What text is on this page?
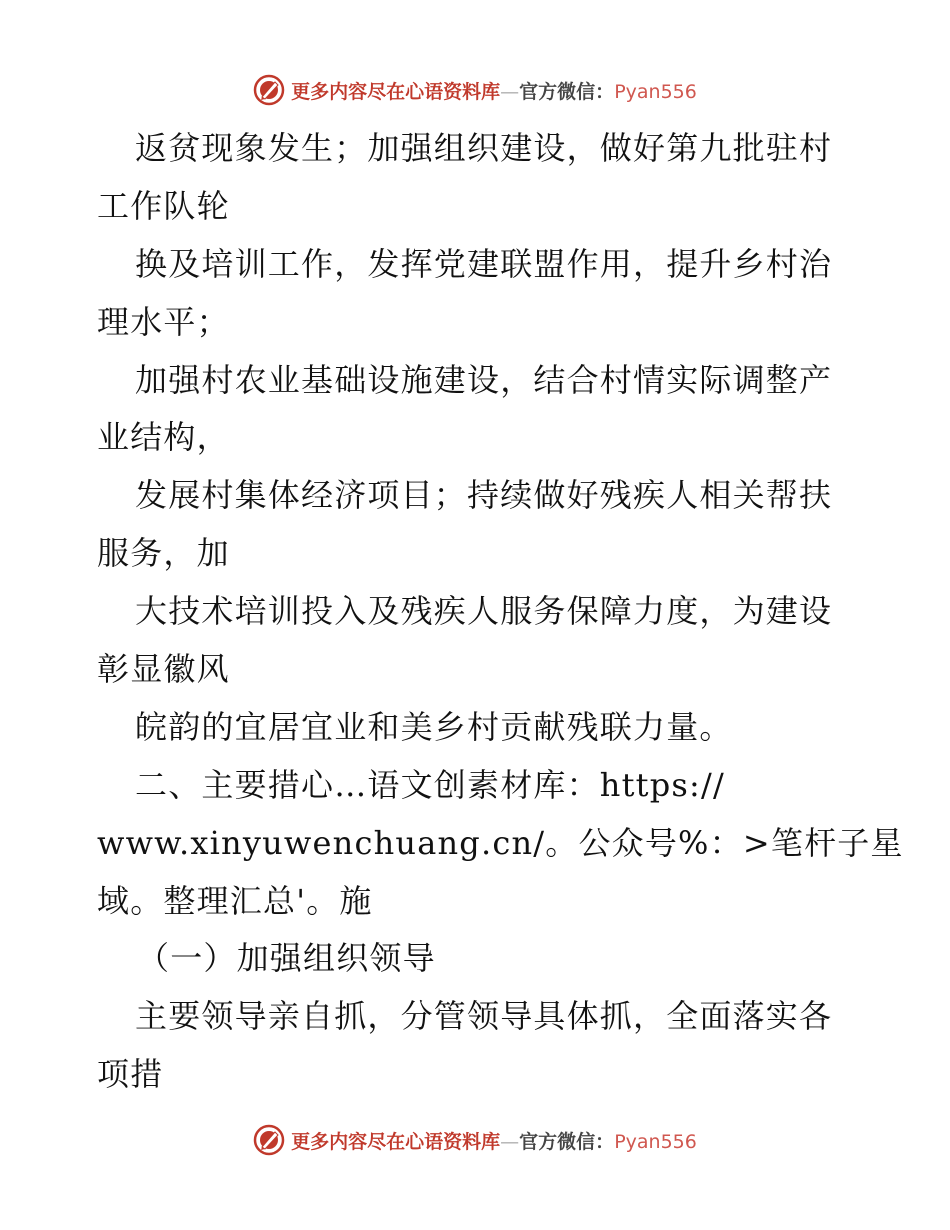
更多内容尽在心语资料库—官方微信：Pyan556
返贫现象发生；加强组织建设，做好第九批驻村
工作队轮
换及培训工作，发挥党建联盟作用，提升乡村治
理水平；
加强村农业基础设施建设，结合村情实际调整产
业结构，
发展村集体经济项目；持续做好残疾人相关帮扶
服务，加
大技术培训投入及残疾人服务保障力度，为建设
彰显徽风
皖韵的宜居宜业和美乡村贡献残联力量。
二、主要措心…语文创素材库：https://
www.xinyuwenchuang.cn/。公众号%：>笔杆子星
域。整理汇总'。施
（一）加强组织领导
主要领导亲自抓，分管领导具体抓，全面落实各
项措
更多内容尽在心语资料库—官方微信：Pyan556
